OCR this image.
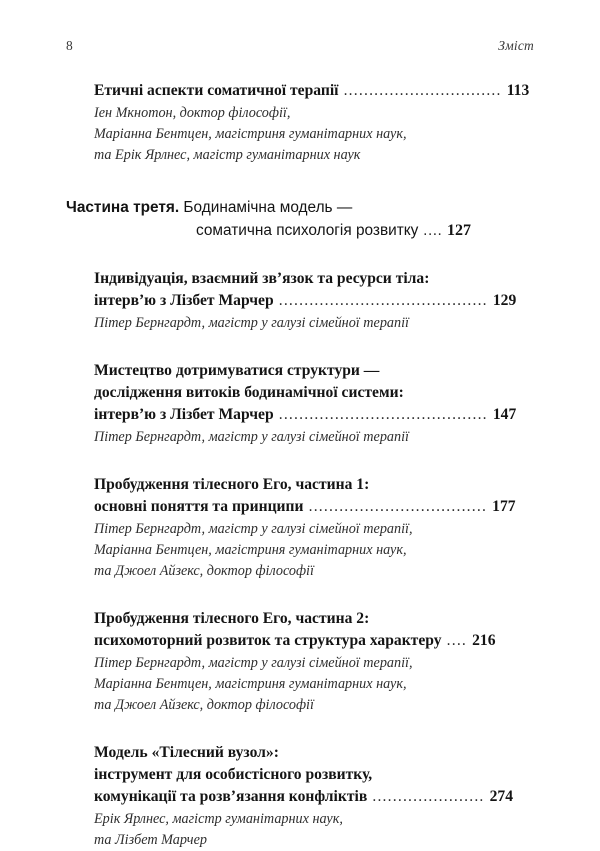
8	Зміст
Етичні аспекти соматичної терапії ............................... 113
Іен Мкнотон, доктор філософії,
Маріанна Бентцен, магістриня гуманітарних наук,
та Ерік Ярлнес, магістр гуманітарних наук
Частина третя. Бодинамічна модель —
соматична психологія розвитку .... 127
Індивідуація, взаємний зв’язок та ресурси тіла:
інтерв’ю з Лізбет Марчер ......................................... 129
Пітер Бернгардт, магістр у галузі сімейної терапії
Мистецтво дотримуватися структури —
дослідження витоків бодинамічної системи:
інтерв’ю з Лізбет Марчер ......................................... 147
Пітер Бернгардт, магістр у галузі сімейної терапії
Пробудження тілесного Его, частина 1:
основні поняття та принципи ................................... 177
Пітер Бернгардт, магістр у галузі сімейної терапії,
Маріанна Бентцен, магістриня гуманітарних наук,
та Джоел Айзекс, доктор філософії
Пробудження тілесного Его, частина 2:
психомоторний розвиток та структура характеру .... 216
Пітер Бернгардт, магістр у галузі сімейної терапії,
Маріанна Бентцен, магістриня гуманітарних наук,
та Джоел Айзекс, доктор філософії
Модель «Тілесний вузол»:
інструмент для особистісного розвитку,
комунікації та розв’язання конфліктів ...................... 274
Ерік Ярлнес, магістр гуманітарних наук,
та Лізбет Марчер
